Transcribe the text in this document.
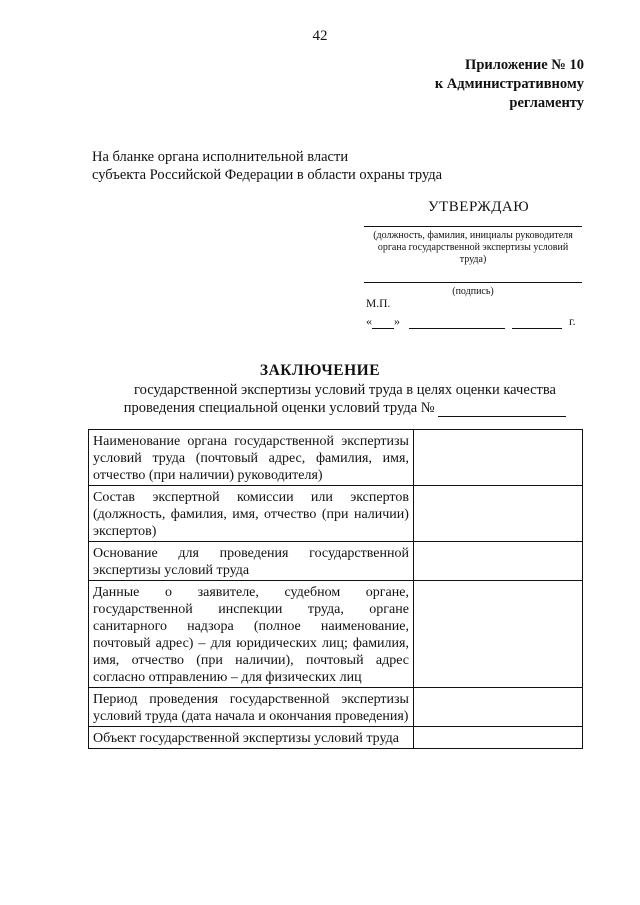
42
Приложение № 10
к Административному
регламенту
На бланке органа исполнительной власти
субъекта Российской Федерации в области охраны труда
УТВЕРЖДАЮ
(должность, фамилия, инициалы руководителя органа государственной экспертизы условий труда)
(подпись)
М.П.
« »	г.
ЗАКЛЮЧЕНИЕ
государственной экспертизы условий труда в целях оценки качества
проведения специальной оценки условий труда №
Наименование органа государственной экспертизы условий труда (почтовый адрес, фамилия, имя, отчество (при наличии) руководителя)	
Состав экспертной комиссии или экспертов (должность, фамилия, имя, отчество (при наличии) экспертов)	
Основание для проведения государственной экспертизы условий труда	
Данные о заявителе, судебном органе, государственной инспекции труда, органе санитарного надзора (полное наименование, почтовый адрес) – для юридических лиц; фамилия, имя, отчество (при наличии), почтовый адрес согласно отправлению – для физических лиц	
Период проведения государственной экспертизы условий труда (дата начала и окончания проведения)	
Объект государственной экспертизы условий труда	
